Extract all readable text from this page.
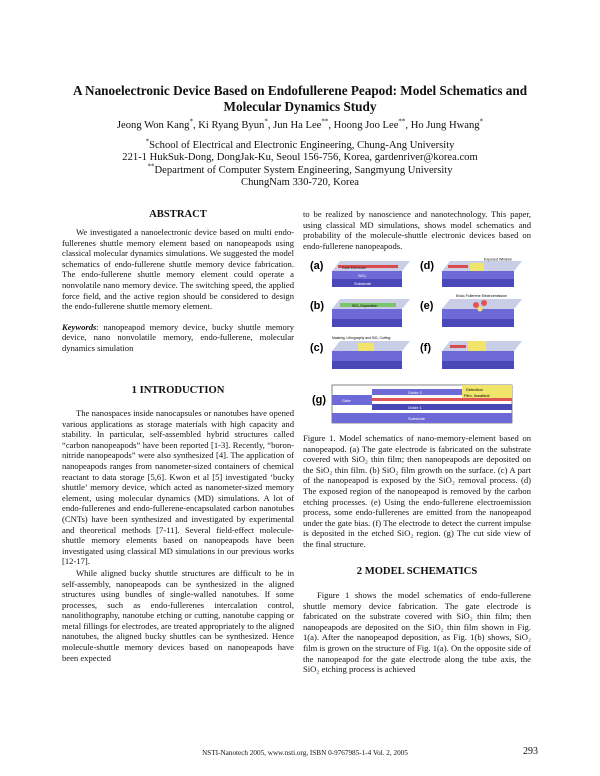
A Nanoelectronic Device Based on Endofullerene Peapod: Model Schematics and
Molecular Dynamics Study
Jeong Won Kang*, Ki Ryang Byun*, Jun Ha Lee**, Hoong Joo Lee**, Ho Jung Hwang*
*School of Electrical and Electronic Engineering, Chung-Ang University
221-1 HukSuk-Dong, DongJak-Ku, Seoul 156-756, Korea, gardenriver@korea.com
**Department of Computer System Engineering, Sangmyung University
ChungNam 330-720, Korea
ABSTRACT

We investigated a nanoelectronic device based on multi endo-fullerenes shuttle memory element based on nanopeapods using classical molecular dynamics simulations. We suggested the model schematics of endo-fullerene shuttle memory device fabrication. The endo-fullerene shuttle memory element could operate a nonvolatile nano memory device. The switching speed, the applied force field, and the active region should be considered to design the endo-fullerene shuttle memory element.

Keywords: nanopeapod memory device, bucky shuttle memory device, nano nonvolatile memory, endo-fullerene, molecular dynamics simulation

1 INTRODUCTION

The nanospaces inside nanocapsules or nanotubes have opened various applications as storage materials with high capacity and stability. In particular, self-assembled hybrid structures called “carbon nanopeapods” have been reported [1-3]. Recently, “boron-nitride nanopeapods” were also synthesized [4]. The application of nanopeapods ranges from nanometer-sized containers of chemical reactant to data storage [5,6]. Kwon et al [5] investigated ‘bucky shuttle’ memory device, which acted as nanometer-sized memory element, using molecular dynamics (MD) simulations. A lot of endo-fullerenes and endo-fullerene-encapsulated carbon nanotubes (CNTs) have been synthesized and investigated by experimental and theoretical methods [7-11]. Several field-effect molecule-shuttle memory elements based on nanopeapods have been investigated using classical MD simulations in our previous works [12-17].

While aligned bucky shuttle structures are difficult to be in self-assembly, nanopeapods can be synthesized in the aligned structures using bundles of single-walled nanotubes. If some processes, such as endo-fullerenes intercalation control, nanolithography, nanotube etching or cutting, nanotube capping or metal fillings for electrodes, are treated appropriately to the aligned nanotubes, the aligned bucky shuttles can be synthesized. Hence molecule-shuttle memory devices based on nanopeapods have been expected

to be realized by nanoscience and nanotechnology. This paper, using classical MD simulations, shows model schematics and probability of the molecule-shuttle electronic devices based on endo-fullerene nanopeapods.

(a)
SiO₂
Substrate
Gate Electrode	(d)
Exposed Window
(b)	SiO₂ Deposition	(e)
Endo-Fullerene Electroemission
(c)
Masking, Lithography and SiO₂ Cutting
(f)
(g)
Detection
Film, Inwalledr
Oxide 2
Gate
Oxide 1
Substrate

Figure 1. Model schematics of nano-memory-element based on nanopeapod. (a) The gate electrode is fabricated on the substrate covered with SiO₂ thin film; then nanopeapods are deposited on the SiO₂ thin film. (b) SiO₂ film growth on the surface. (c) A part of the nanopeapod is exposed by the SiO₂ removal process. (d) The exposed region of the nanopeapod is removed by the carbon etching processes. (e) Using the endo-fullerene electroemission process, some endo-fullerenes are emitted from the nanopeapod under the gate bias. (f) The electrode to detect the current impulse is deposited in the etched SiO₂ region. (g) The cut side view of the final structure.

2 MODEL SCHEMATICS

Figure 1 shows the model schematics of endo-fullerene shuttle memory device fabrication. The gate electrode is fabricated on the substrate covered with SiO₂ thin film; then nanopeapods are deposited on the SiO₂ thin film shown in Fig. 1(a). After the nanopeapod deposition, as Fig. 1(b) shows, SiO₂ film is grown on the structure of Fig. 1(a). On the opposite side of the nanopeapod for the gate electrode along the tube axis, the SiO₂ etching process is achieved

NSTI-Nanotech 2005, www.nsti.org, ISBN 0-9767985-1-4 Vol. 2, 2005	293
